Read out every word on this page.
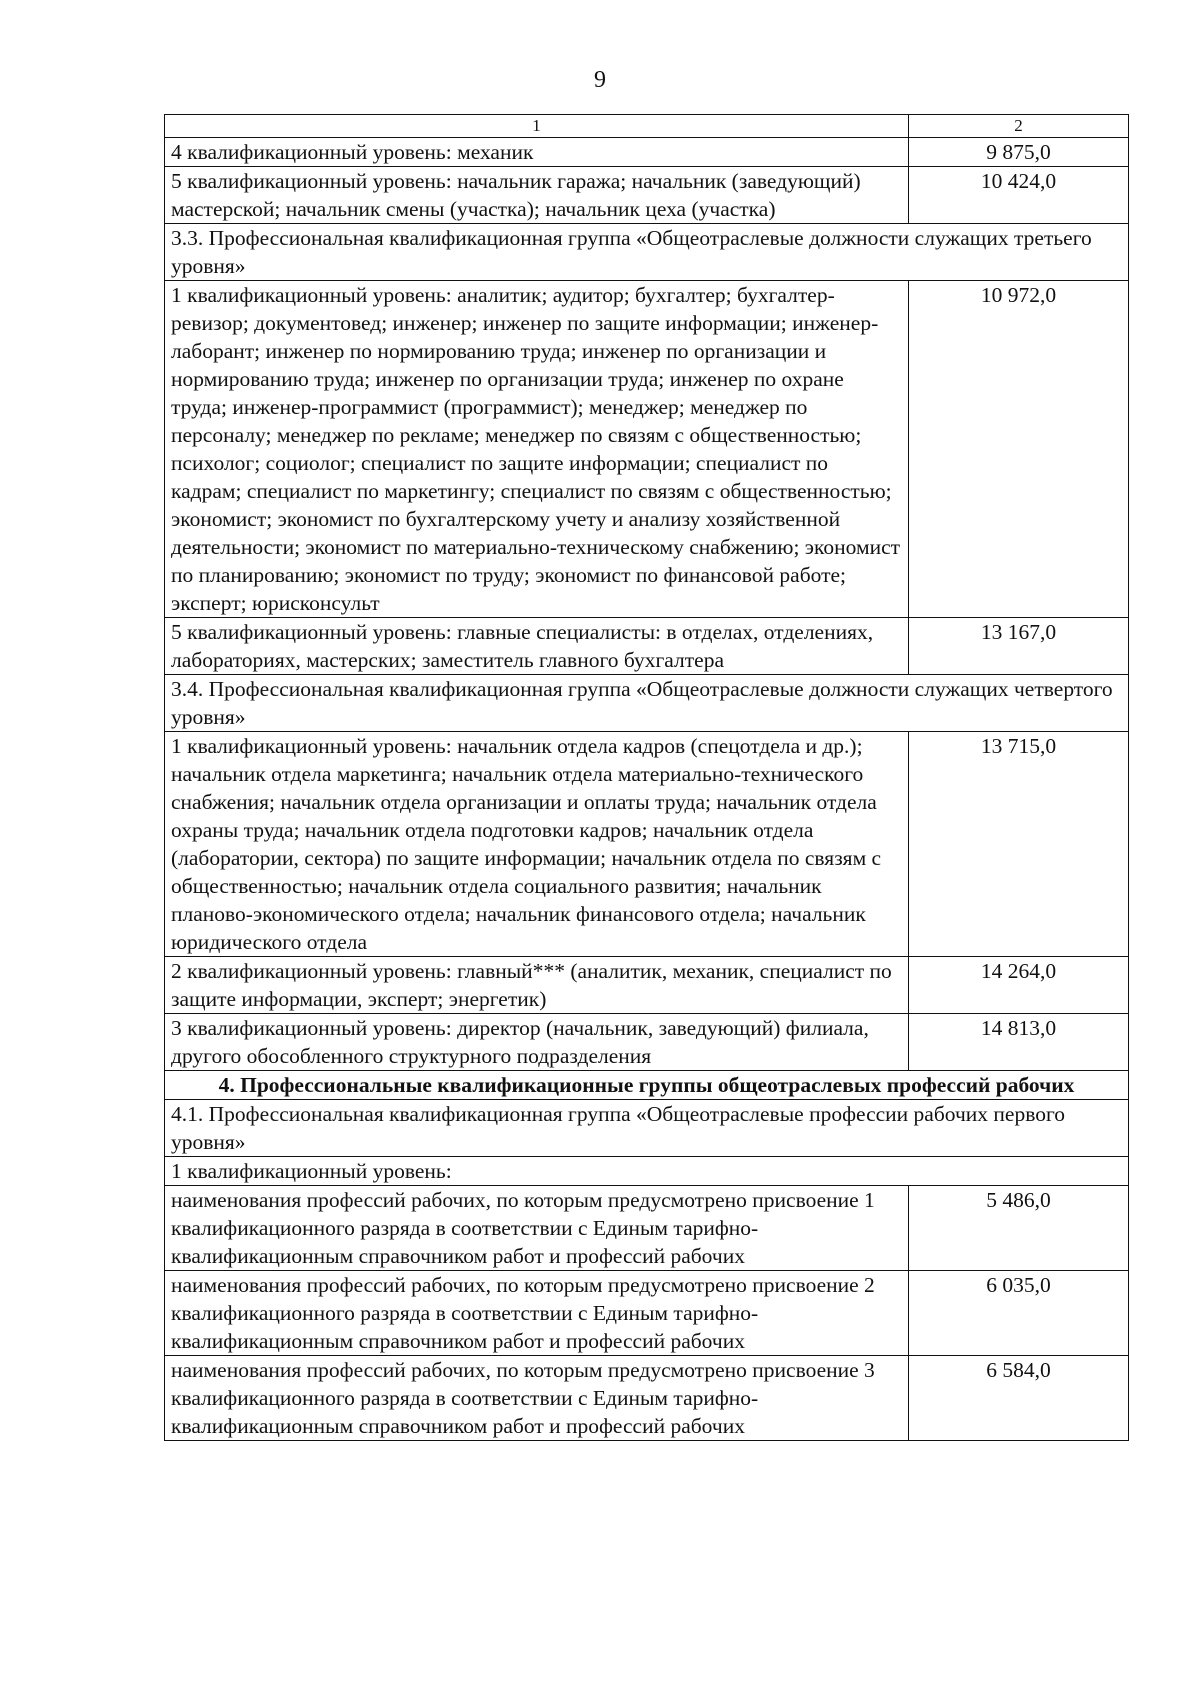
9
1	2
4 квалификационный уровень: механик	9 875,0
5 квалификационный уровень: начальник гаража; начальник (заведующий) мастерской; начальник смены (участка); начальник цеха (участка)	10 424,0
3.3. Профессиональная квалификационная группа «Общеотраслевые должности служащих третьего уровня»	
1 квалификационный уровень: аналитик; аудитор; бухгалтер; бухгалтер-ревизор; документовед; инженер; инженер по защите информации; инженер-лаборант; инженер по нормированию труда; инженер по организации и нормированию труда; инженер по организации труда; инженер по охране труда; инженер-программист (программист); менеджер; менеджер по персоналу; менеджер по рекламе; менеджер по связям с общественностью; психолог; социолог; специалист по защите информации; специалист по кадрам; специалист по маркетингу; специалист по связям с общественностью; экономист; экономист по бухгалтерскому учету и анализу хозяйственной деятельности; экономист по материально-техническому снабжению; экономист по планированию; экономист по труду; экономист по финансовой работе; эксперт; юрисконсульт	10 972,0
5 квалификационный уровень: главные специалисты: в отделах, отделениях, лабораториях, мастерских; заместитель главного бухгалтера	13 167,0
3.4. Профессиональная квалификационная группа «Общеотраслевые должности служащих четвертого уровня»	
1 квалификационный уровень: начальник отдела кадров (спецотдела и др.); начальник отдела маркетинга; начальник отдела материально-технического снабжения; начальник отдела организации и оплаты труда; начальник отдела охраны труда; начальник отдела подготовки кадров; начальник отдела (лаборатории, сектора) по защите информации; начальник отдела по связям с общественностью; начальник отдела социального развития; начальник планово-экономического отдела; начальник финансового отдела; начальник юридического отдела	13 715,0
2 квалификационный уровень: главный*** (аналитик, механик, специалист по защите информации, эксперт; энергетик)	14 264,0
3 квалификационный уровень: директор (начальник, заведующий) филиала, другого обособленного структурного подразделения	14 813,0
4. Профессиональные квалификационные группы общеотраслевых профессий рабочих	
4.1. Профессиональная квалификационная группа «Общеотраслевые профессии рабочих первого уровня»	
1 квалификационный уровень:	
наименования профессий рабочих, по которым предусмотрено присвоение 1 квалификационного разряда в соответствии с Единым тарифно-квалификационным справочником работ и профессий рабочих	5 486,0
наименования профессий рабочих, по которым предусмотрено присвоение 2 квалификационного разряда в соответствии с Единым тарифно-квалификационным справочником работ и профессий рабочих	6 035,0
наименования профессий рабочих, по которым предусмотрено присвоение 3 квалификационного разряда в соответствии с Единым тарифно-квалификационным справочником работ и профессий рабочих	6 584,0
